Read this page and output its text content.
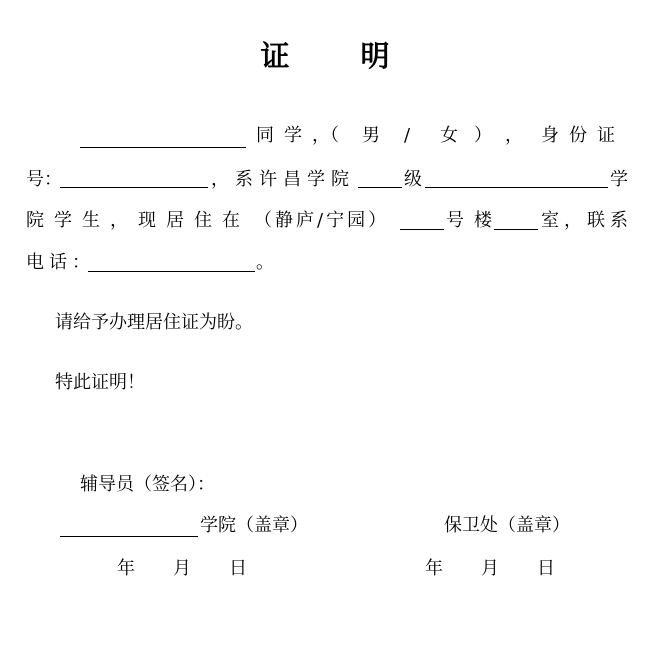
证 明
同学 ，（ 男 / 女 ） ， 身份证
号：	，系许昌学院	级	学
院学生，现居住在 （静庐/宁园）	号楼 室，联系
电话：	。
请给予办理居住证为盼。
特此证明！
辅导员（签名）：
学院（盖章）	保卫处（盖章）
年 月 日	年 月 日
